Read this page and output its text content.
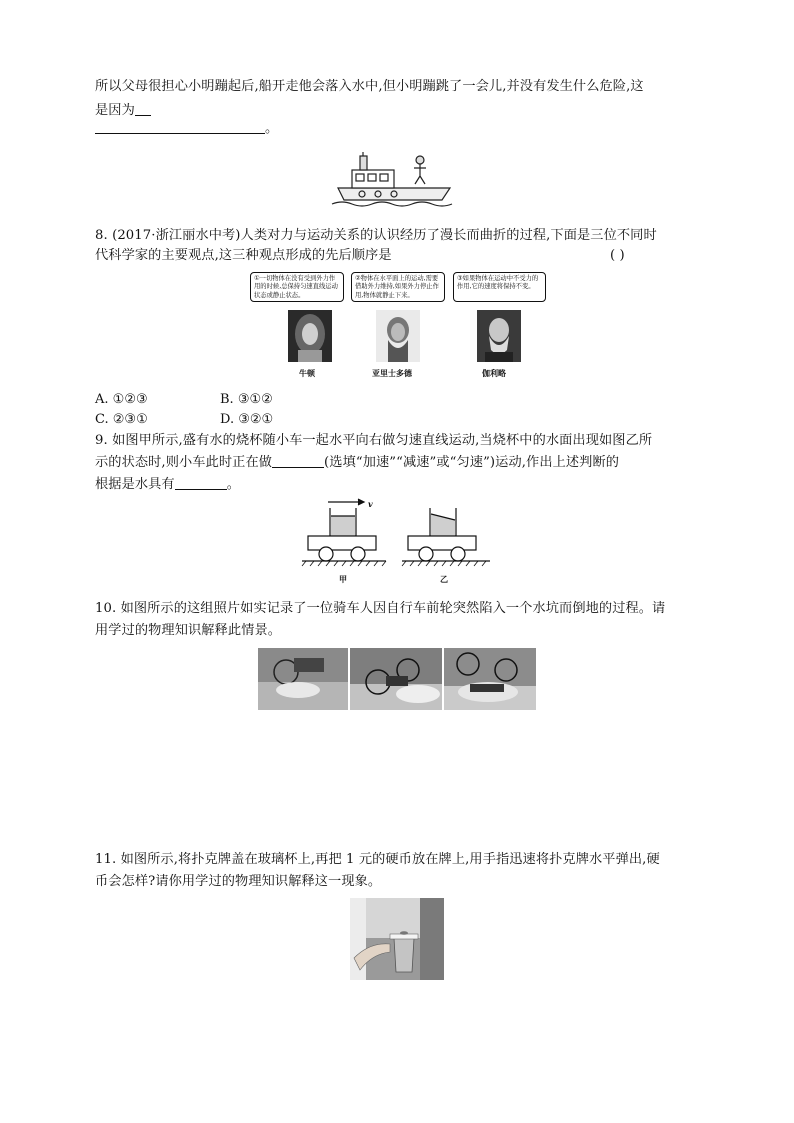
所以父母很担心小明蹦起后,船开走他会落入水中,但小明蹦跳了一会儿,并没有发生什么危险,这
是因为
。
8. (2017·浙江丽水中考)人类对力与运动关系的认识经历了漫长而曲折的过程,下面是三位不同时
代科学家的主要观点,这三种观点形成的先后顺序是	( )
①一切物体在没有受到外力作用的时候,总保持匀速直线运动状态或静止状态。
②物体在水平面上的运动,需要借助外力维持,如果外力停止作用,物体就静止下来。
③如果物体在运动中不受力的作用,它的速度将保持不变。
牛顿	亚里士多德	伽利略
A. ①②③	B. ③①②
C. ②③①	D. ③②①
9. 如图甲所示,盛有水的烧杯随小车一起水平向右做匀速直线运动,当烧杯中的水面出现如图乙所
示的状态时,则小车此时正在做	(选填“加速”“减速”或“匀速”)运动,作出上述判断的
根据是水具有	。
v
甲	乙
10. 如图所示的这组照片如实记录了一位骑车人因自行车前轮突然陷入一个水坑而倒地的过程。请
用学过的物理知识解释此情景。
11. 如图所示,将扑克牌盖在玻璃杯上,再把 1 元的硬币放在牌上,用手指迅速将扑克牌水平弹出,硬
币会怎样?请你用学过的物理知识解释这一现象。
